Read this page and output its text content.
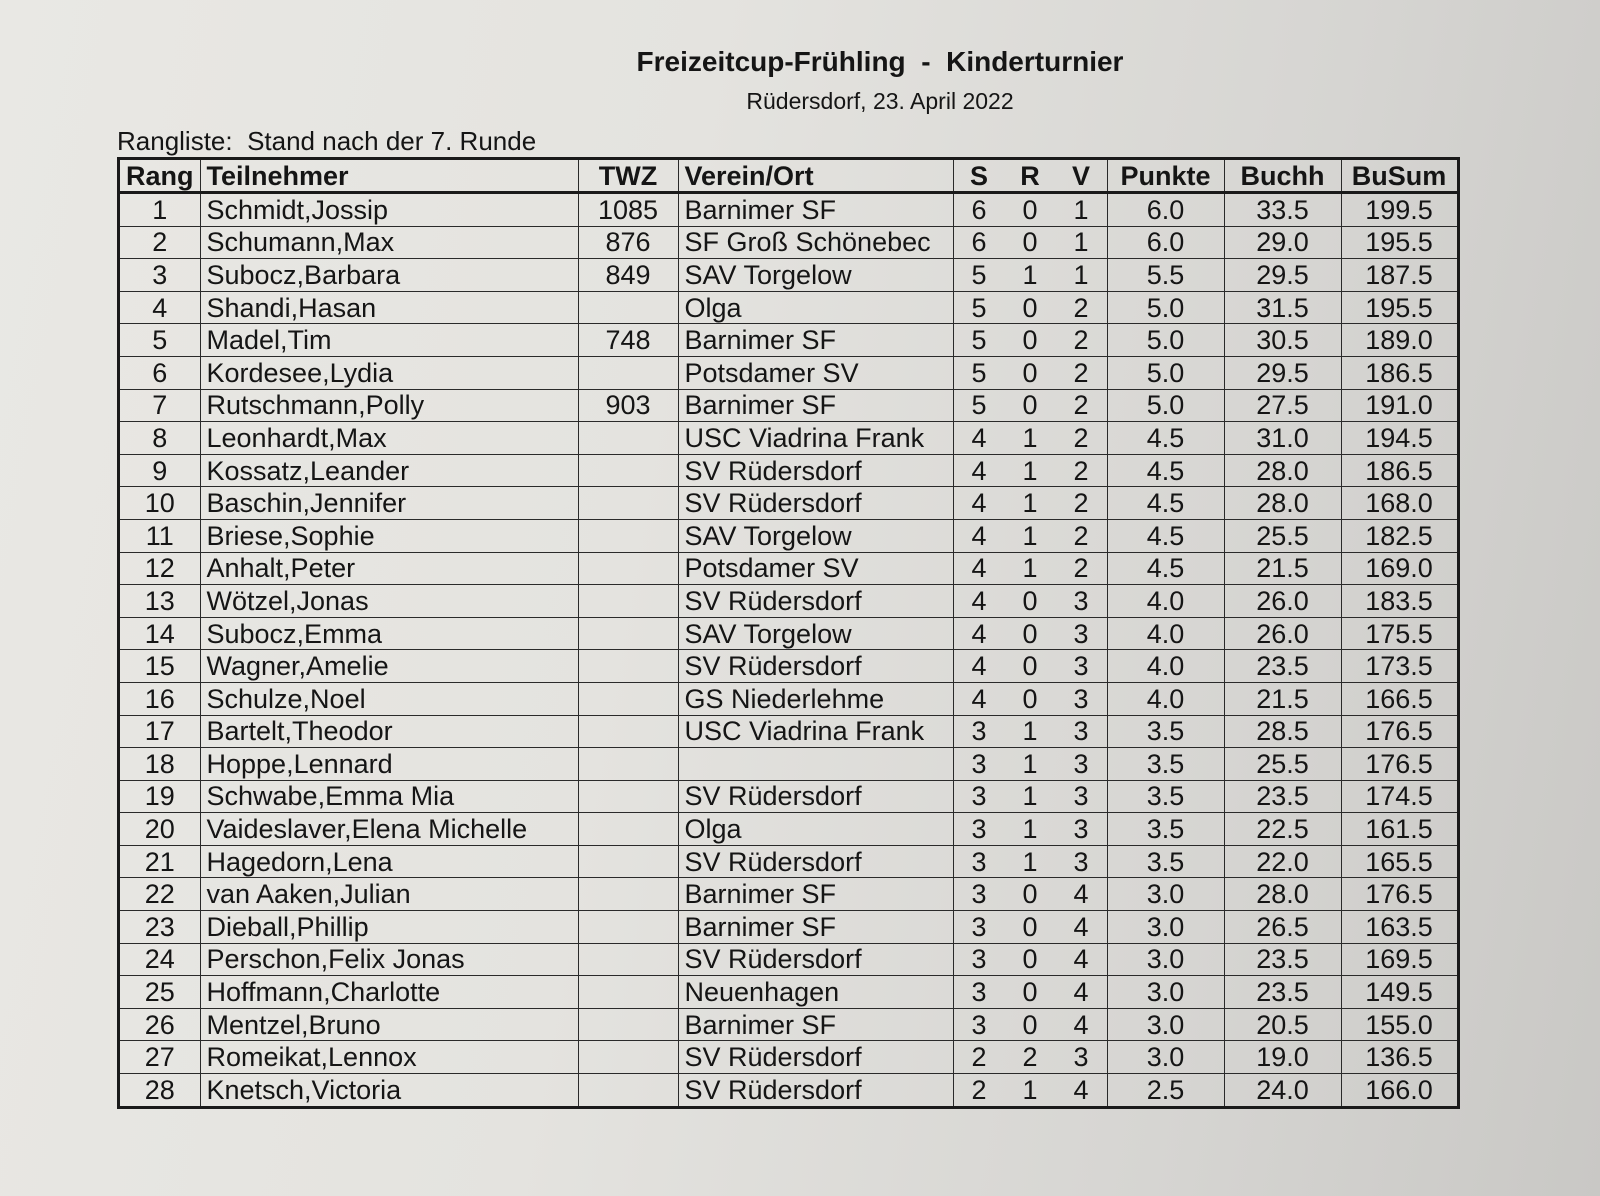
Freizeitcup-Frühling  -  Kinderturnier
Rüdersdorf, 23. April 2022
Rangliste:  Stand nach der 7. Runde
Rang	Teilnehmer	TWZ	Verein/Ort	S	R	V	Punkte	Buchh	BuSum
1	Schmidt,Jossip	1085	Barnimer SF	6	0	1	6.0	33.5	199.5
2	Schumann,Max	876	SF Groß Schönebec	6	0	1	6.0	29.0	195.5
3	Subocz,Barbara	849	SAV Torgelow	5	1	1	5.5	29.5	187.5
4	Shandi,Hasan		Olga	5	0	2	5.0	31.5	195.5
5	Madel,Tim	748	Barnimer SF	5	0	2	5.0	30.5	189.0
6	Kordesee,Lydia		Potsdamer SV	5	0	2	5.0	29.5	186.5
7	Rutschmann,Polly	903	Barnimer SF	5	0	2	5.0	27.5	191.0
8	Leonhardt,Max		USC Viadrina Frank	4	1	2	4.5	31.0	194.5
9	Kossatz,Leander		SV Rüdersdorf	4	1	2	4.5	28.0	186.5
10	Baschin,Jennifer		SV Rüdersdorf	4	1	2	4.5	28.0	168.0
11	Briese,Sophie		SAV Torgelow	4	1	2	4.5	25.5	182.5
12	Anhalt,Peter		Potsdamer SV	4	1	2	4.5	21.5	169.0
13	Wötzel,Jonas		SV Rüdersdorf	4	0	3	4.0	26.0	183.5
14	Subocz,Emma		SAV Torgelow	4	0	3	4.0	26.0	175.5
15	Wagner,Amelie		SV Rüdersdorf	4	0	3	4.0	23.5	173.5
16	Schulze,Noel		GS Niederlehme	4	0	3	4.0	21.5	166.5
17	Bartelt,Theodor		USC Viadrina Frank	3	1	3	3.5	28.5	176.5
18	Hoppe,Lennard			3	1	3	3.5	25.5	176.5
19	Schwabe,Emma Mia		SV Rüdersdorf	3	1	3	3.5	23.5	174.5
20	Vaideslaver,Elena Michelle		Olga	3	1	3	3.5	22.5	161.5
21	Hagedorn,Lena		SV Rüdersdorf	3	1	3	3.5	22.0	165.5
22	van Aaken,Julian		Barnimer SF	3	0	4	3.0	28.0	176.5
23	Dieball,Phillip		Barnimer SF	3	0	4	3.0	26.5	163.5
24	Perschon,Felix Jonas		SV Rüdersdorf	3	0	4	3.0	23.5	169.5
25	Hoffmann,Charlotte		Neuenhagen	3	0	4	3.0	23.5	149.5
26	Mentzel,Bruno		Barnimer SF	3	0	4	3.0	20.5	155.0
27	Romeikat,Lennox		SV Rüdersdorf	2	2	3	3.0	19.0	136.5
28	Knetsch,Victoria		SV Rüdersdorf	2	1	4	2.5	24.0	166.0
